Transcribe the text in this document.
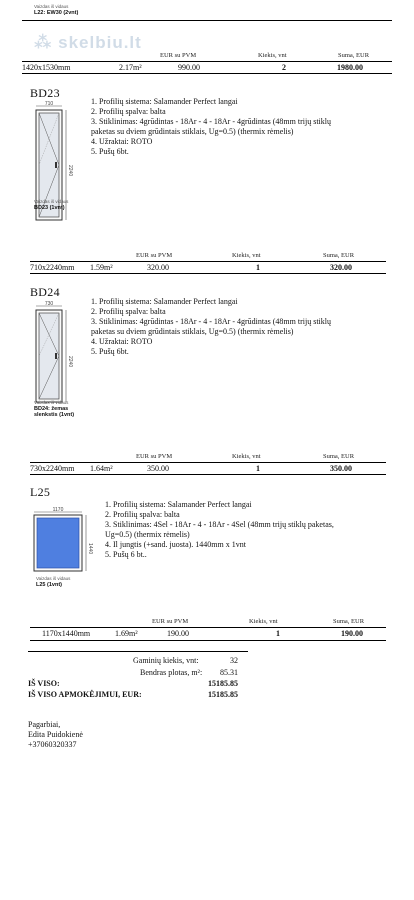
Vaizdas iš vidaus
L22: EW30 (2vnt)
⁂ skelbiu.lt
EUR su PVM	Kiekis, vnt	Suma, EUR
1420x1530mm	2.17m²	990.00	2	1980.00
BD23
710
2240
Vaizdas iš vidaus
BD23 (1vnt)
1. Profilių sistema: Salamander Perfect langai
2. Profilių spalva: balta
3. Stiklinimas: 4grūdintas - 18Ar - 4 - 18Ar - 4grūdintas (48mm trijų stiklų
paketas su dviem grūdintais stiklais, Ug=0.5) (thermix rėmelis)
4. Užraktai: ROTO
5. Pušų 6bt.
EUR su PVM	Kiekis, vnt	Suma, EUR
710x2240mm 1.59m²	320.00	1	320.00
BD24
730
2240
Vaizdas iš vidaus
BD24: žemas
slenkstis (1vnt)
1. Profilių sistema: Salamander Perfect langai
2. Profilių spalva: balta
3. Stiklinimas: 4grūdintas - 18Ar - 4 - 18Ar - 4grūdintas (48mm trijų stiklų
paketas su dviem grūdintais stiklais, Ug=0.5) (thermix rėmelis)
4. Užraktai: ROTO
5. Pušų 6bt.
EUR su PVM	Kiekis, vnt	Suma, EUR
730x2240mm 1.64m²	350.00	1	350.00
L25
1170
1440
Vaizdas iš vidaus
L25 (1vnt)
1. Profilių sistema: Salamander Perfect langai
2. Profilių spalva: balta
3. Stiklinimas: 4Sel - 18Ar - 4 - 18Ar - 4Sel (48mm trijų stiklų paketas,
Ug=0.5) (thermix rėmelis)
4. Il jungtis (+sand. juosta). 1440mm x 1vnt
5. Pušų 6 bt..
EUR su PVM	Kiekis, vnt	Suma, EUR
1170x1440mm	1.69m²	190.00	1	190.00
Gaminių kiekis, vnt:	32
Bendras plotas, m²: 85.31
IŠ VISO:	15185.85
IŠ VISO APMOKĖJIMUI, EUR:	15185.85
Pagarbiai,
Edita Puidokienė
+37060320337
